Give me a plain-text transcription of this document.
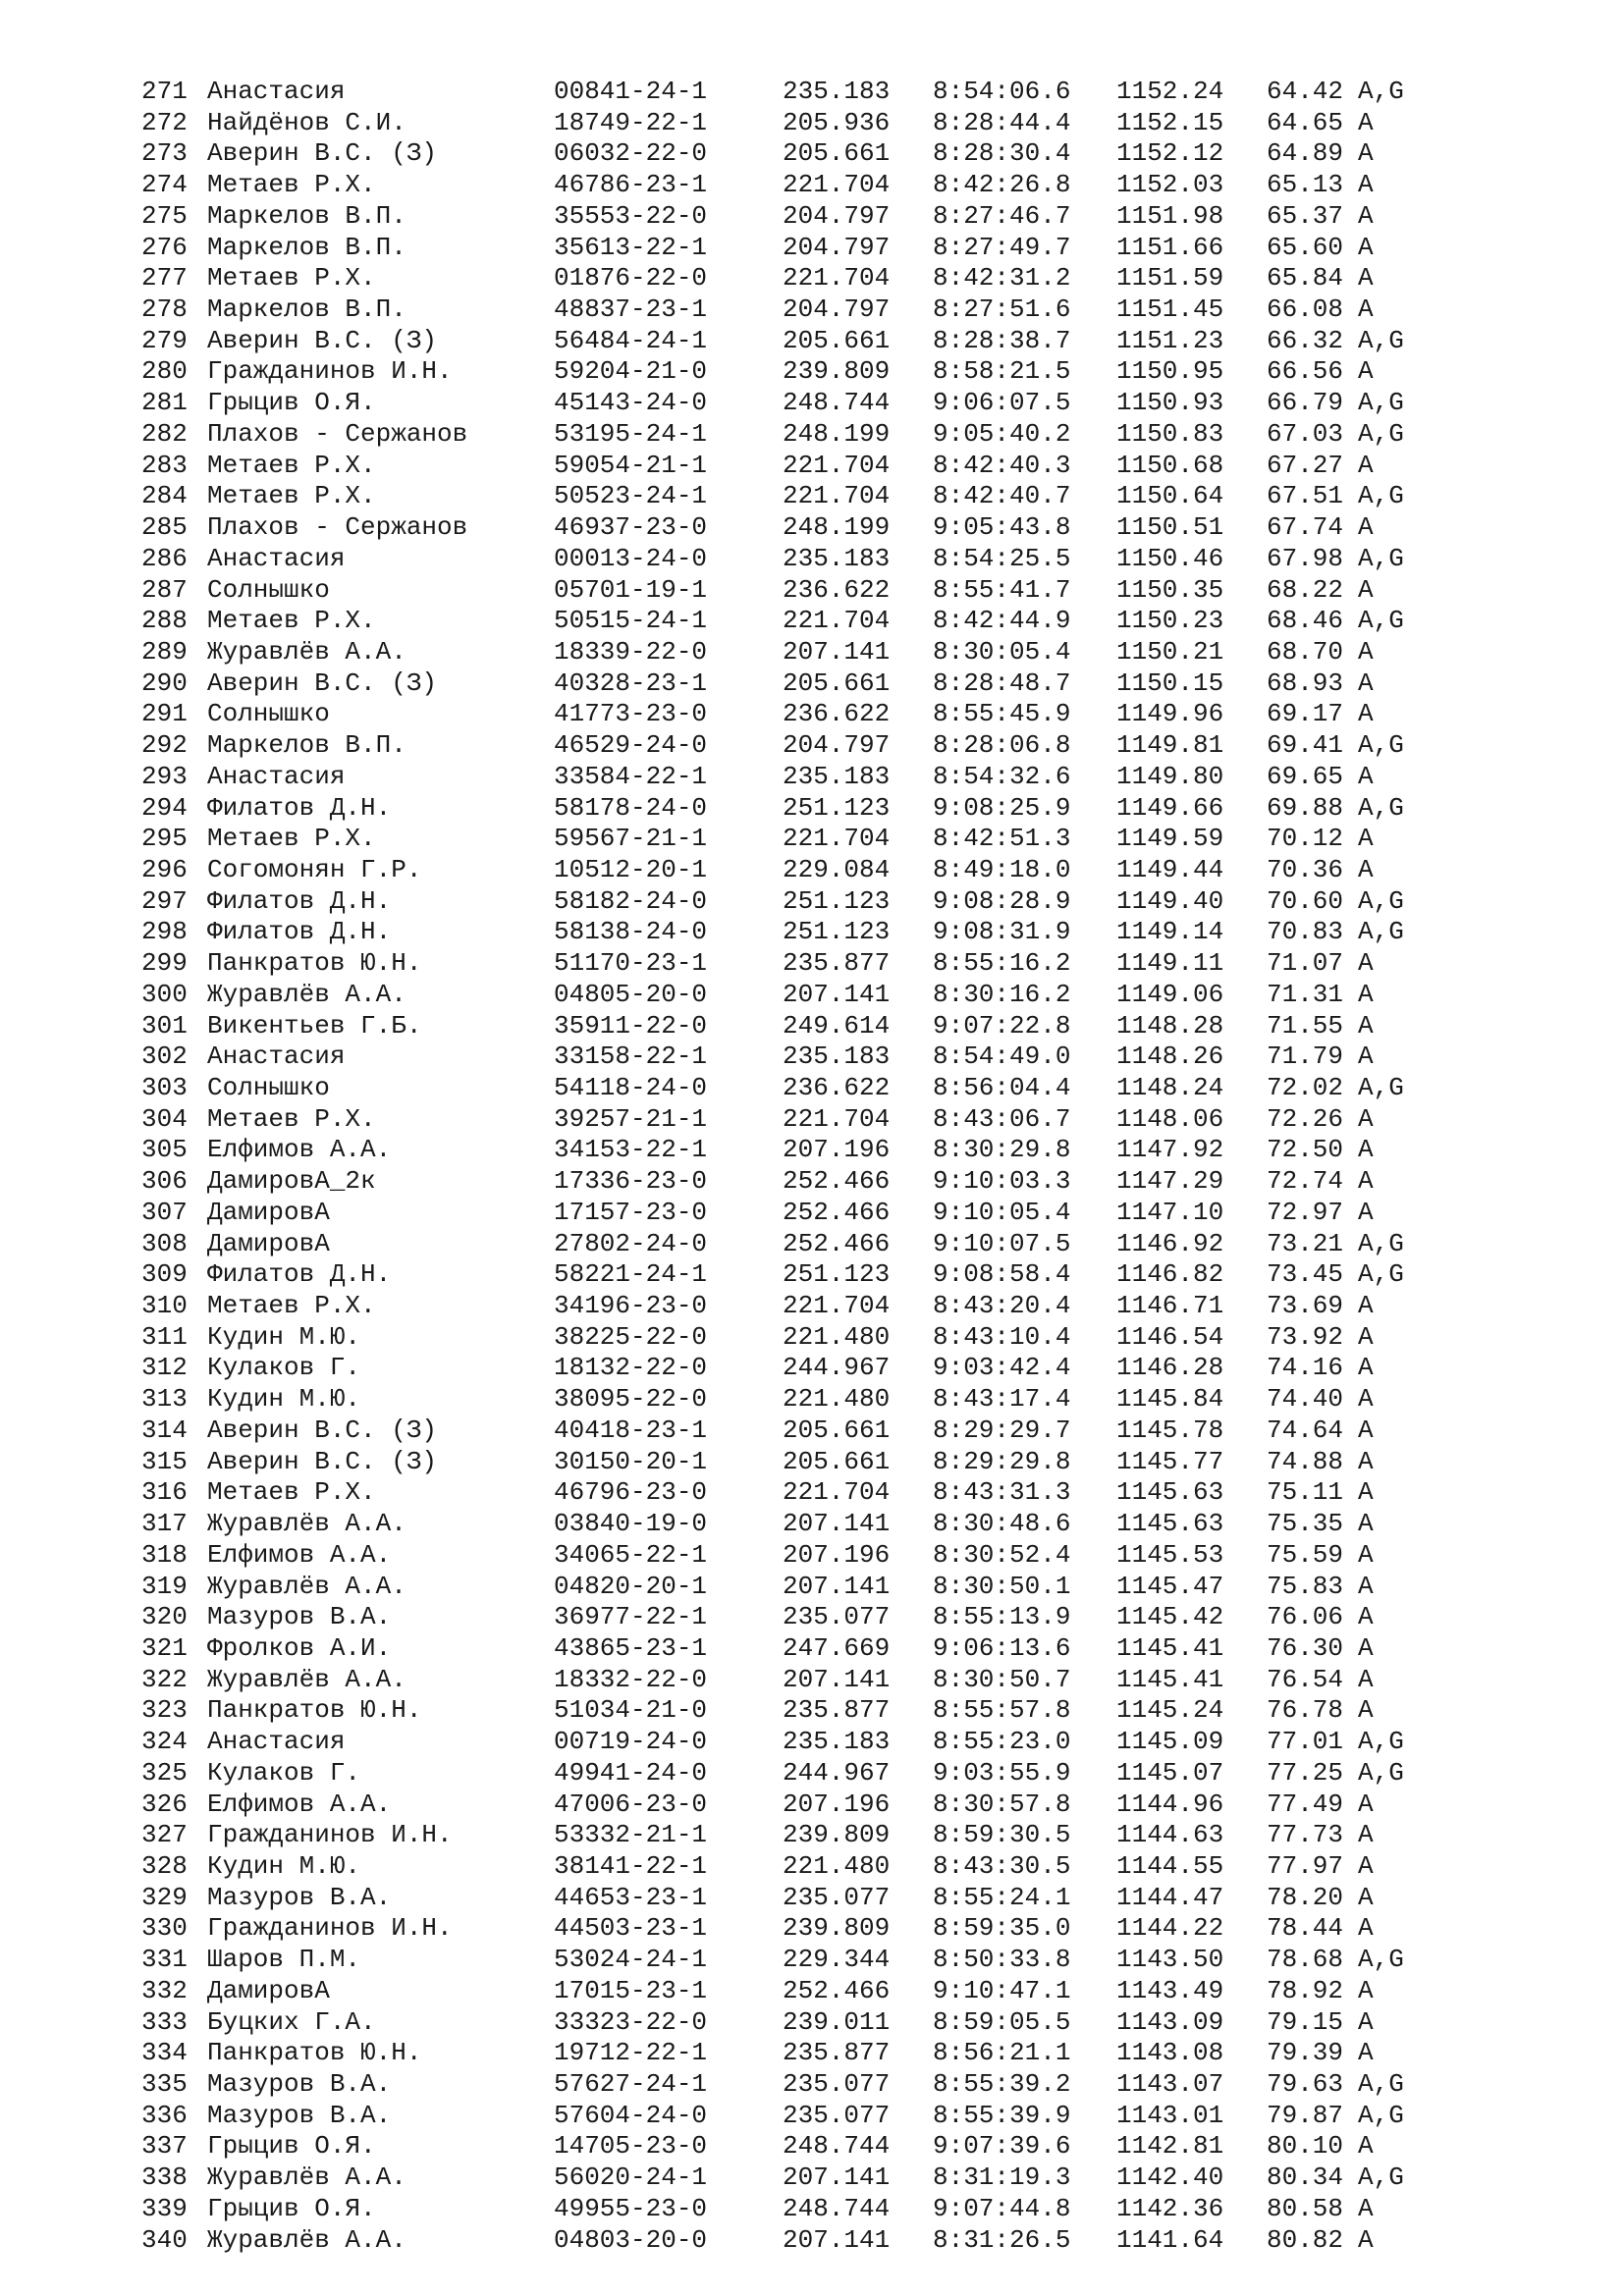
271 Анастасия	00841-24-1	235.183 8:54:06.6 1152.24 64.42 A,G
272 Найдёнов С.И.	18749-22-1	205.936 8:28:44.4 1152.15 64.65 A
273 Аверин В.С. (З)	06032-22-0	205.661 8:28:30.4 1152.12 64.89 A
274 Метаев Р.Х.	46786-23-1	221.704 8:42:26.8 1152.03 65.13 A
275 Маркелов В.П.	35553-22-0	204.797 8:27:46.7 1151.98 65.37 A
276 Маркелов В.П.	35613-22-1	204.797 8:27:49.7 1151.66 65.60 A
277 Метаев Р.Х.	01876-22-0	221.704 8:42:31.2 1151.59 65.84 A
278 Маркелов В.П.	48837-23-1	204.797 8:27:51.6 1151.45 66.08 A
279 Аверин В.С. (З)	56484-24-1	205.661 8:28:38.7 1151.23 66.32 A,G
280 Гражданинов И.Н.	59204-21-0	239.809 8:58:21.5 1150.95 66.56 A
281 Грыцив О.Я.	45143-24-0	248.744 9:06:07.5 1150.93 66.79 A,G
282 Плахов - Сержанов	53195-24-1	248.199 9:05:40.2 1150.83 67.03 A,G
283 Метаев Р.Х.	59054-21-1	221.704 8:42:40.3 1150.68 67.27 A
284 Метаев Р.Х.	50523-24-1	221.704 8:42:40.7 1150.64 67.51 A,G
285 Плахов - Сержанов	46937-23-0	248.199 9:05:43.8 1150.51 67.74 A
286 Анастасия	00013-24-0	235.183 8:54:25.5 1150.46 67.98 A,G
287 Солнышко	05701-19-1	236.622 8:55:41.7 1150.35 68.22 A
288 Метаев Р.Х.	50515-24-1	221.704 8:42:44.9 1150.23 68.46 A,G
289 Журавлёв А.А.	18339-22-0	207.141 8:30:05.4 1150.21 68.70 A
290 Аверин В.С. (З)	40328-23-1	205.661 8:28:48.7 1150.15 68.93 A
291 Солнышко	41773-23-0	236.622 8:55:45.9 1149.96 69.17 A
292 Маркелов В.П.	46529-24-0	204.797 8:28:06.8 1149.81 69.41 A,G
293 Анастасия	33584-22-1	235.183 8:54:32.6 1149.80 69.65 A
294 Филатов Д.Н.	58178-24-0	251.123 9:08:25.9 1149.66 69.88 A,G
295 Метаев Р.Х.	59567-21-1	221.704 8:42:51.3 1149.59 70.12 A
296 Согомонян Г.Р.	10512-20-1	229.084 8:49:18.0 1149.44 70.36 A
297 Филатов Д.Н.	58182-24-0	251.123 9:08:28.9 1149.40 70.60 A,G
298 Филатов Д.Н.	58138-24-0	251.123 9:08:31.9 1149.14 70.83 A,G
299 Панкратов Ю.Н.	51170-23-1	235.877 8:55:16.2 1149.11 71.07 A
300 Журавлёв А.А.	04805-20-0	207.141 8:30:16.2 1149.06 71.31 A
301 Викентьев Г.Б.	35911-22-0	249.614 9:07:22.8 1148.28 71.55 A
302 Анастасия	33158-22-1	235.183 8:54:49.0 1148.26 71.79 A
303 Солнышко	54118-24-0	236.622 8:56:04.4 1148.24 72.02 A,G
304 Метаев Р.Х.	39257-21-1	221.704 8:43:06.7 1148.06 72.26 A
305 Елфимов А.А.	34153-22-1	207.196 8:30:29.8 1147.92 72.50 A
306 ДамировА_2к	17336-23-0	252.466 9:10:03.3 1147.29 72.74 A
307 ДамировА	17157-23-0	252.466 9:10:05.4 1147.10 72.97 A
308 ДамировА	27802-24-0	252.466 9:10:07.5 1146.92 73.21 A,G
309 Филатов Д.Н.	58221-24-1	251.123 9:08:58.4 1146.82 73.45 A,G
310 Метаев Р.Х.	34196-23-0	221.704 8:43:20.4 1146.71 73.69 A
311 Кудин М.Ю.	38225-22-0	221.480 8:43:10.4 1146.54 73.92 A
312 Кулаков Г.	18132-22-0	244.967 9:03:42.4 1146.28 74.16 A
313 Кудин М.Ю.	38095-22-0	221.480 8:43:17.4 1145.84 74.40 A
314 Аверин В.С. (З)	40418-23-1	205.661 8:29:29.7 1145.78 74.64 A
315 Аверин В.С. (З)	30150-20-1	205.661 8:29:29.8 1145.77 74.88 A
316 Метаев Р.Х.	46796-23-0	221.704 8:43:31.3 1145.63 75.11 A
317 Журавлёв А.А.	03840-19-0	207.141 8:30:48.6 1145.63 75.35 A
318 Елфимов А.А.	34065-22-1	207.196 8:30:52.4 1145.53 75.59 A
319 Журавлёв А.А.	04820-20-1	207.141 8:30:50.1 1145.47 75.83 A
320 Мазуров В.А.	36977-22-1	235.077 8:55:13.9 1145.42 76.06 A
321 Фролков А.И.	43865-23-1	247.669 9:06:13.6 1145.41 76.30 A
322 Журавлёв А.А.	18332-22-0	207.141 8:30:50.7 1145.41 76.54 A
323 Панкратов Ю.Н.	51034-21-0	235.877 8:55:57.8 1145.24 76.78 A
324 Анастасия	00719-24-0	235.183 8:55:23.0 1145.09 77.01 A,G
325 Кулаков Г.	49941-24-0	244.967 9:03:55.9 1145.07 77.25 A,G
326 Елфимов А.А.	47006-23-0	207.196 8:30:57.8 1144.96 77.49 A
327 Гражданинов И.Н.	53332-21-1	239.809 8:59:30.5 1144.63 77.73 A
328 Кудин М.Ю.	38141-22-1	221.480 8:43:30.5 1144.55 77.97 A
329 Мазуров В.А.	44653-23-1	235.077 8:55:24.1 1144.47 78.20 A
330 Гражданинов И.Н.	44503-23-1	239.809 8:59:35.0 1144.22 78.44 A
331 Шаров П.М.	53024-24-1	229.344 8:50:33.8 1143.50 78.68 A,G
332 ДамировА	17015-23-1	252.466 9:10:47.1 1143.49 78.92 A
333 Буцких Г.А.	33323-22-0	239.011 8:59:05.5 1143.09 79.15 A
334 Панкратов Ю.Н.	19712-22-1	235.877 8:56:21.1 1143.08 79.39 A
335 Мазуров В.А.	57627-24-1	235.077 8:55:39.2 1143.07 79.63 A,G
336 Мазуров В.А.	57604-24-0	235.077 8:55:39.9 1143.01 79.87 A,G
337 Грыцив О.Я.	14705-23-0	248.744 9:07:39.6 1142.81 80.10 A
338 Журавлёв А.А.	56020-24-1	207.141 8:31:19.3 1142.40 80.34 A,G
339 Грыцив О.Я.	49955-23-0	248.744 9:07:44.8 1142.36 80.58 A
340 Журавлёв А.А.	04803-20-0	207.141 8:31:26.5 1141.64 80.82 A
